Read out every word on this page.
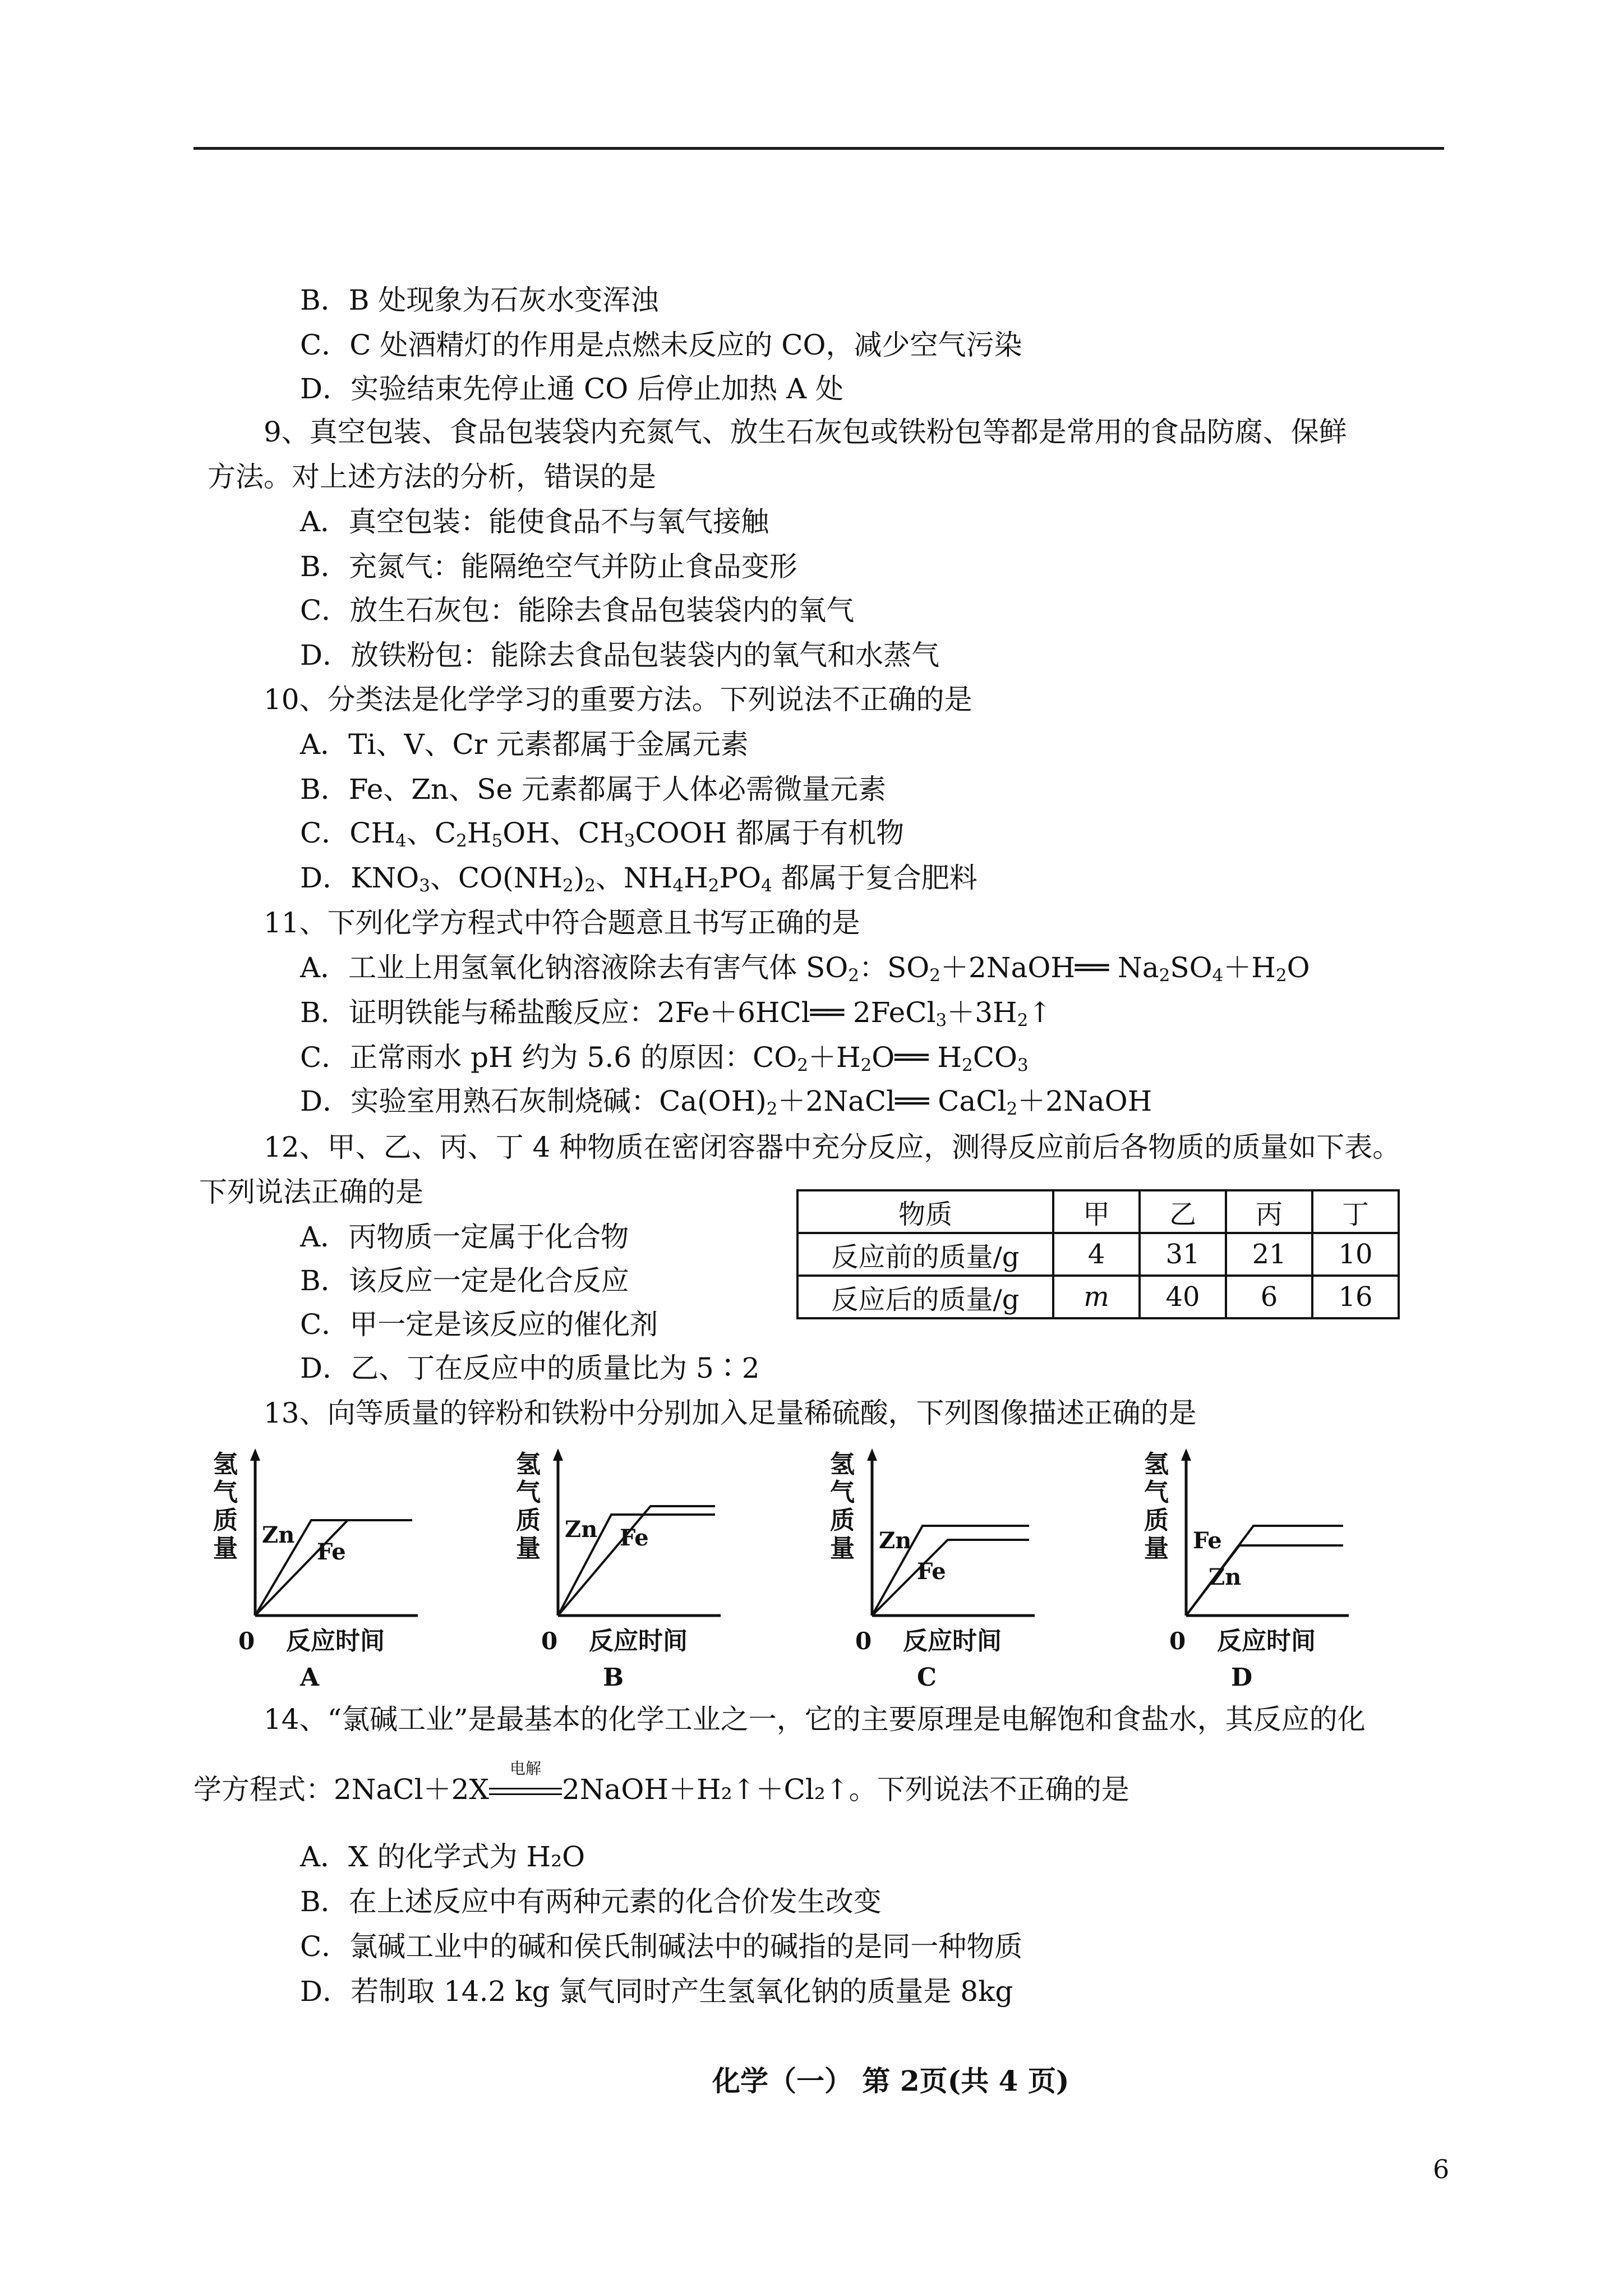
B．B 处现象为石灰水变浑浊
C．C 处酒精灯的作用是点燃未反应的 CO，减少空气污染
D．实验结束先停止通 CO 后停止加热 A 处
9、真空包装、食品包装袋内充氮气、放生石灰包或铁粉包等都是常用的食品防腐、保鲜
方法。对上述方法的分析，错误的是
A．真空包装：能使食品不与氧气接触
B．充氮气：能隔绝空气并防止食品变形
C．放生石灰包：能除去食品包装袋内的氧气
D．放铁粉包：能除去食品包装袋内的氧气和水蒸气
10、分类法是化学学习的重要方法。下列说法不正确的是
A．Ti、V、Cr 元素都属于金属元素
B．Fe、Zn、Se 元素都属于人体必需微量元素
C．$CH_4$、$C_2H_5OH$、$CH_3COOH$ 都属于有机物
D．$KNO_3$、$CO(NH_2)_2$、$NH_4H_2PO_4$ 都属于复合肥料
11、下列化学方程式中符合题意且书写正确的是
A．工业上用氢氧化钠溶液除去有害气体 $SO_2$：$SO_2+2NaOH══$ $Na_2SO_4+H_2O$
B．证明铁能与稀盐酸反应：2Fe＋6HCl══ $2FeCl_3+3H_2↑$
C．正常雨水 pH 约为 5.6 的原因：$CO_2+H_2O══$ $H_2CO_3$
D．实验室用熟石灰制烧碱：$Ca(OH)_2+2NaCl══$ CaCl$_2$＋2NaOH
12、甲、乙、丙、丁 4 种物质在密闭容器中充分反应，测得反应前后各物质的质量如下表。
下列说法正确的是
A．丙物质一定属于化合物
B．该反应一定是化合反应
C．甲一定是该反应的催化剂
D．乙、丁在反应中的质量比为 5∶2
物质	甲	乙	丙	丁
反应前的质量/g	4	31	21	10
反应后的质量/g	m	40	6	16
13、向等质量的锌粉和铁粉中分别加入足量稀硫酸，下列图像描述正确的是
氢
气
质
量
0 反应时间
A
Zn
Fe
氢
气
质
量
0 反应时间
B
Zn Fe
氢
气
质
量
0 反应时间
C
Zn
Fe
氢
气
质
量
0 反应时间
D
Fe
Zn
14、“氯碱工业”是最基本的化学工业之一，它的主要原理是电解饱和食盐水，其反应的化
学方程式：2NaCl＋2X
电解
2NaOH＋H₂↑＋Cl₂↑。下列说法不正确的是
A．X 的化学式为 H₂O
B．在上述反应中有两种元素的化合价发生改变
C．氯碱工业中的碱和侯氏制碱法中的碱指的是同一种物质
D．若制取 14.2 kg 氯气同时产生氢氧化钠的质量是 8kg
化学（一） 第 2页(共 4 页)
6
